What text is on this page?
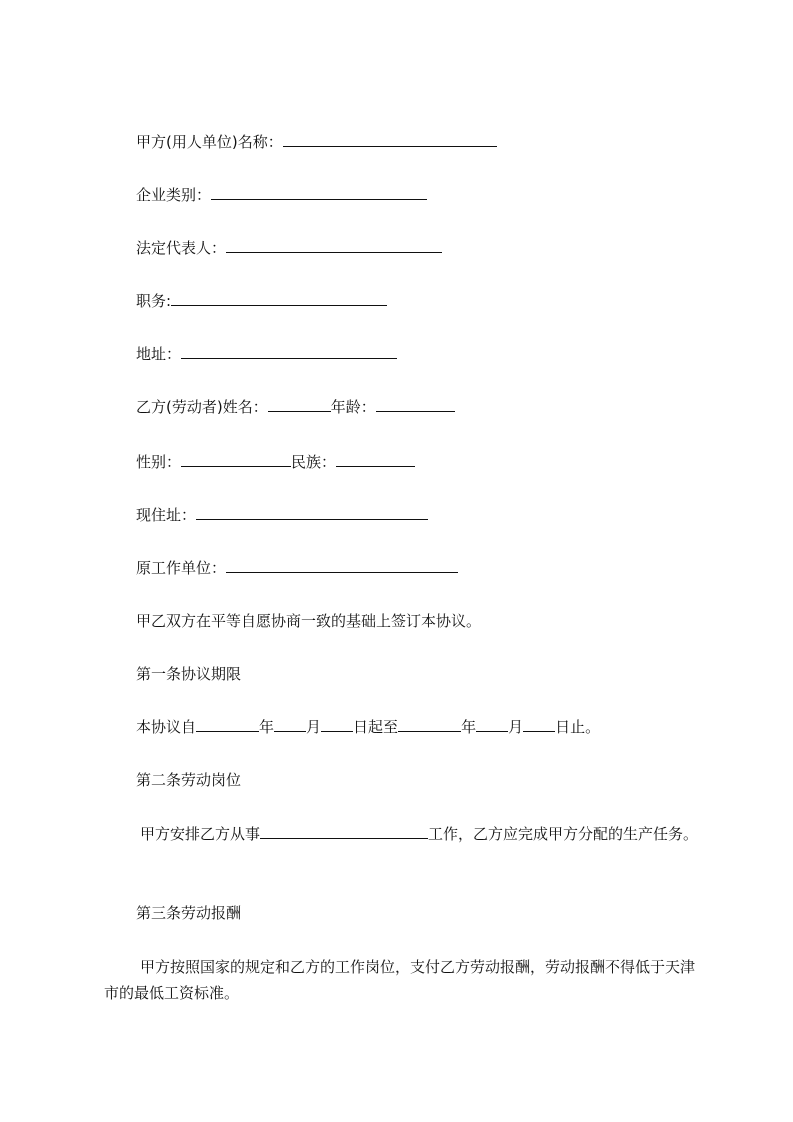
甲方(用人单位)名称：
企业类别：
法定代表人：
职务:
地址：
乙方(劳动者)姓名：	年龄：
性别：	民族：
现住址：
原工作单位：
甲乙双方在平等自愿协商一致的基础上签订本协议。
第一条协议期限
本协议自	年 月 日起至	年 月 日止。
第二条劳动岗位
甲方安排乙方从事	工作，乙方应完成甲方分配的生产任务。
第三条劳动报酬
甲方按照国家的规定和乙方的工作岗位，支付乙方劳动报酬，劳动报酬不得低于天津市的最低工资标准。
